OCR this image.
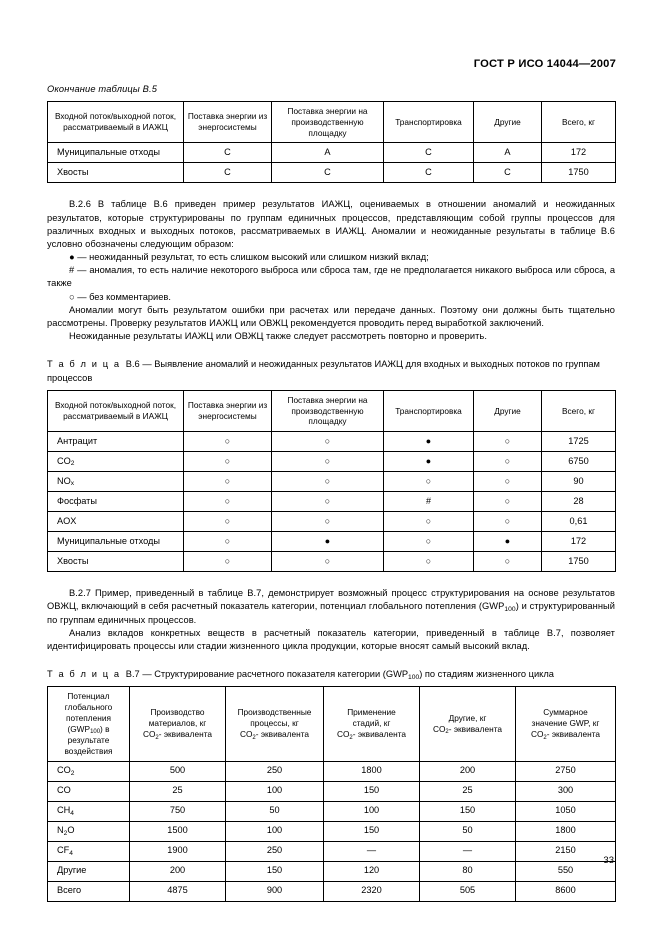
ГОСТ Р ИСО 14044—2007
Окончание таблицы В.5
Входной поток/выходной поток, рассматриваемый в ИАЖЦ	Поставка энергии из энергосистемы	Поставка энергии на производственную площадку	Транспортировка	Другие	Всего, кг
Муниципальные отходы	C	A	C	A	172
Хвосты	C	C	C	C	1750

В.2.6 В таблице В.6 приведен пример результатов ИАЖЦ, оцениваемых в отношении аномалий и неожиданных результатов, которые структурированы по группам единичных процессов, представляющим собой группы процессов для различных входных и выходных потоков, рассматриваемых в ИАЖЦ. Аномалии и неожиданные результаты в таблице В.6 условно обозначены следующим образом:

● — неожиданный результат, то есть слишком высокий или слишком низкий вклад;

# — аномалия, то есть наличие некоторого выброса или сброса там, где не предполагается никакого выброса или сброса, а также

○ — без комментариев.

Аномалии могут быть результатом ошибки при расчетах или передаче данных. Поэтому они должны быть тщательно рассмотрены. Проверку результатов ИАЖЦ или ОВЖЦ рекомендуется проводить перед выработкой заключений.

Неожиданные результаты ИАЖЦ или ОВЖЦ также следует рассмотреть повторно и проверить.

Т а б л и ц а В.6 — Выявление аномалий и неожиданных результатов ИАЖЦ для входных и выходных потоков по группам процессов

Входной поток/выходной поток, рассматриваемый в ИАЖЦ	Поставка энергии из энергосистемы	Поставка энергии на производственную площадку	Транспортировка	Другие	Всего, кг
Антрацит	○	○	●	○	1725
$CO_2$	○	○	●	○	6750
$NO_x$	○	○	○	○	90
Фосфаты	○	○	#	○	28
AOX	○	○	○	○	0,61
Муниципальные отходы	○	●	○	●	172
Хвосты	○	○	○	○	1750

В.2.7 Пример, приведенный в таблице В.7, демонстрирует возможный процесс структурирования на основе результатов ОВЖЦ, включающий в себя расчетный показатель категории, потенциал глобального потепления $(GWP_{100})$ и структурированный по группам единичных процессов.

Анализ вкладов конкретных веществ в расчетный показатель категории, приведенный в таблице В.7, позволяет идентифицировать процессы или стадии жизненного цикла продукции, которые вносят самый высокий вклад.

Т а б л и ц а В.7 — Структурирование расчетного показателя категории $(GWP_{100})$ по стадиям жизненного цикла

Потенциал
глобального
потепления
$(GWP_{100})$ в
результате
воздействия	Производство
материалов, кг
$CO_2-$ эквивалента	Производственные
процессы, кг
$CO_2-$ эквивалента	Применение
стадий, кг
$CO_2-$ эквивалента	Другие, кг
$CO_2-$ эквивалента	Суммарное
значение GWP, кг
$CO_2-$ эквивалента
$CO_2$	500	250	1800	200	2750
CO	25	100	150	25	300
$CH_4$	750	50	100	150	1050
$N_2O$	1500	100	150	50	1800
$CF_4$	1900	250	—	—	2150
Другие	200	150	120	80	550
Всего	4875	900	2320	505	8600
33
